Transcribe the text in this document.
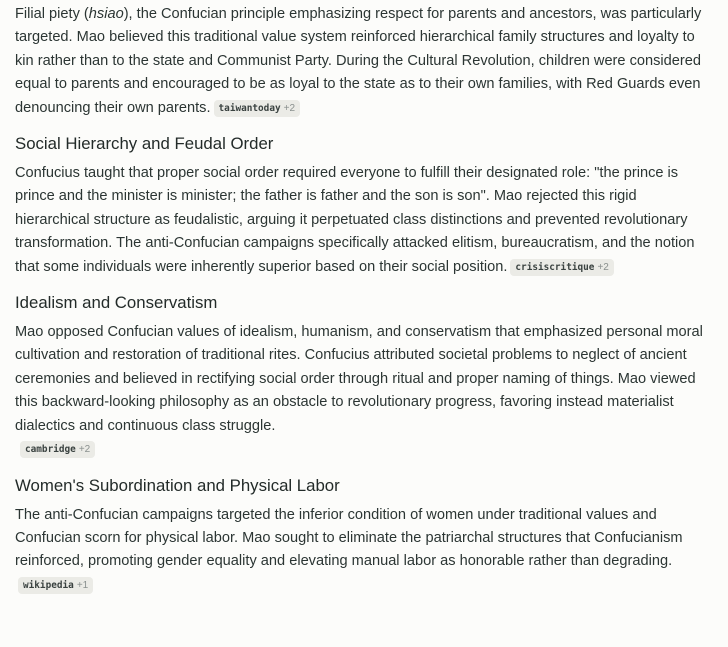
Filial piety (hsiao), the Confucian principle emphasizing respect for parents and ancestors, was particularly targeted. Mao believed this traditional value system reinforced hierarchical family structures and loyalty to kin rather than to the state and Communist Party. During the Cultural Revolution, children were considered equal to parents and encouraged to be as loyal to the state as to their own families, with Red Guards even denouncing their own parents. taiwantoday +2

Social Hierarchy and Feudal Order

Confucius taught that proper social order required everyone to fulfill their designated role: "the prince is prince and the minister is minister; the father is father and the son is son". Mao rejected this rigid hierarchical structure as feudalistic, arguing it perpetuated class distinctions and prevented revolutionary transformation. The anti-Confucian campaigns specifically attacked elitism, bureaucratism, and the notion that some individuals were inherently superior based on their social position. crisiscritique +2

Idealism and Conservatism

Mao opposed Confucian values of idealism, humanism, and conservatism that emphasized personal moral cultivation and restoration of traditional rites. Confucius attributed societal problems to neglect of ancient ceremonies and believed in rectifying social order through ritual and proper naming of things. Mao viewed this backward-looking philosophy as an obstacle to revolutionary progress, favoring instead materialist dialectics and continuous class struggle.

cambridge +2
Women's Subordination and Physical Labor

The anti-Confucian campaigns targeted the inferior condition of women under traditional values and Confucian scorn for physical labor. Mao sought to eliminate the patriarchal structures that Confucianism reinforced, promoting gender equality and elevating manual labor as honorable rather than degrading.
wikipedia +1
